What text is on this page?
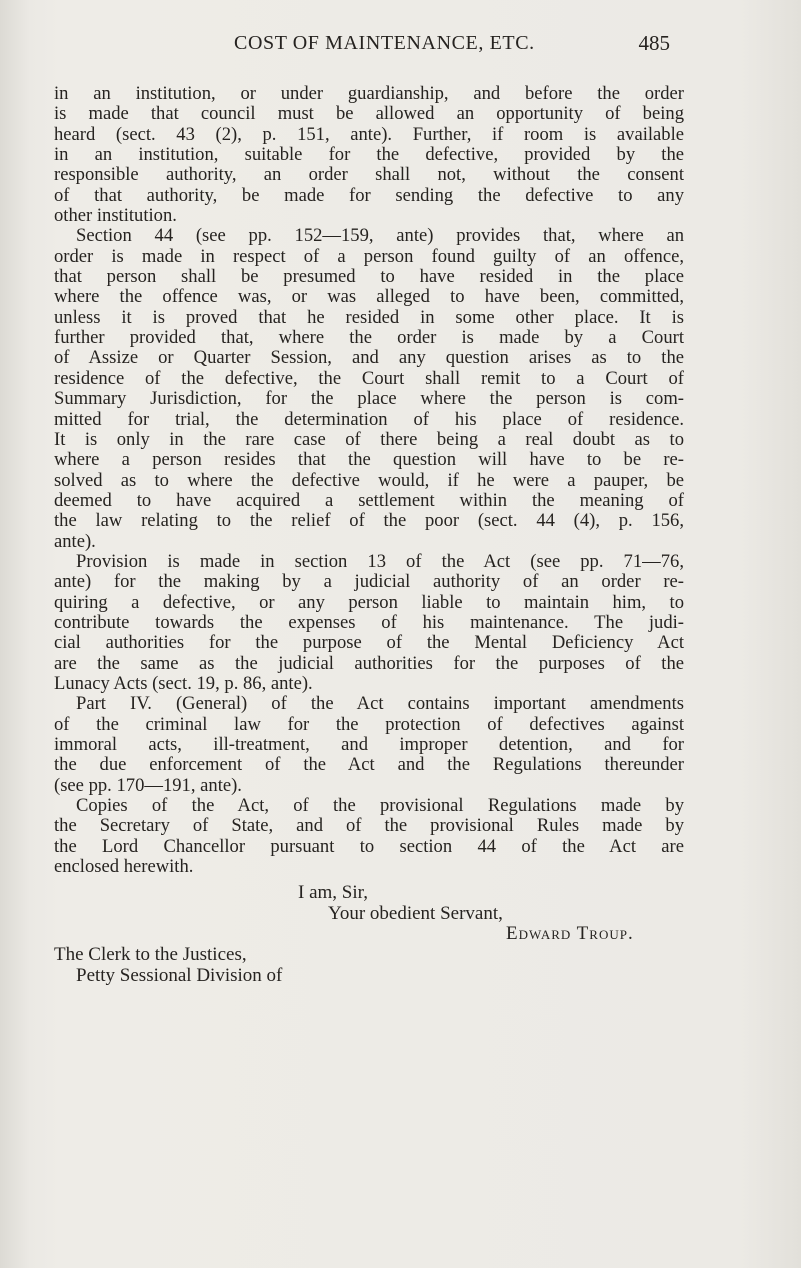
COST OF MAINTENANCE, ETC.	485
in an institution, or under guardianship, and before the order
is made that council must be allowed an opportunity of being
heard (sect. 43 (2), p. 151, ante). Further, if room is available
in an institution, suitable for the defective, provided by the
responsible authority, an order shall not, without the consent
of that authority, be made for sending the defective to any
other institution.
Section 44 (see pp. 152—159, ante) provides that, where an
order is made in respect of a person found guilty of an offence,
that person shall be presumed to have resided in the place
where the offence was, or was alleged to have been, committed,
unless it is proved that he resided in some other place. It is
further provided that, where the order is made by a Court
of Assize or Quarter Session, and any question arises as to the
residence of the defective, the Court shall remit to a Court of
Summary Jurisdiction, for the place where the person is com-
mitted for trial, the determination of his place of residence.
It is only in the rare case of there being a real doubt as to
where a person resides that the question will have to be re-
solved as to where the defective would, if he were a pauper, be
deemed to have acquired a settlement within the meaning of
the law relating to the relief of the poor (sect. 44 (4), p. 156,
ante).
Provision is made in section 13 of the Act (see pp. 71—76,
ante) for the making by a judicial authority of an order re-
quiring a defective, or any person liable to maintain him, to
contribute towards the expenses of his maintenance. The judi-
cial authorities for the purpose of the Mental Deficiency Act
are the same as the judicial authorities for the purposes of the
Lunacy Acts (sect. 19, p. 86, ante).
Part IV. (General) of the Act contains important amendments
of the criminal law for the protection of defectives against
immoral acts, ill-treatment, and improper detention, and for
the due enforcement of the Act and the Regulations thereunder
(see pp. 170—191, ante).
Copies of the Act, of the provisional Regulations made by
the Secretary of State, and of the provisional Rules made by
the Lord Chancellor pursuant to section 44 of the Act are
enclosed herewith.
I am, Sir,
Your obedient Servant,
Edward Troup.
The Clerk to the Justices,
Petty Sessional Division of
